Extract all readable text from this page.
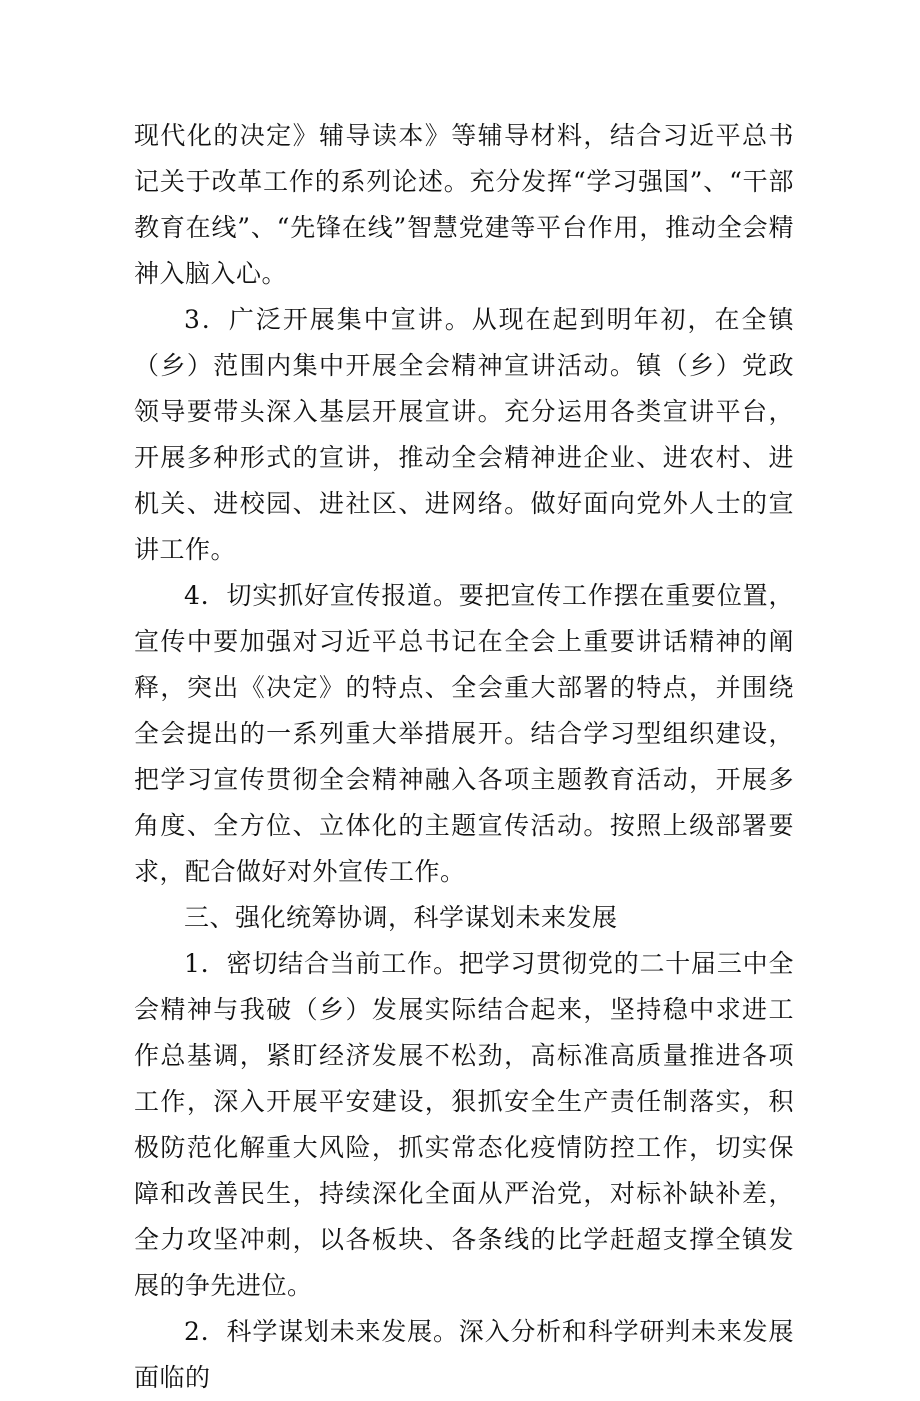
现代化的决定》辅导读本》等辅导材料，结合习近平总书记关于改革工作的系列论述。充分发挥“学习强国”、“干部教育在线”、“先锋在线”智慧党建等平台作用，推动全会精神入脑入心。

3．广泛开展集中宣讲。从现在起到明年初，在全镇（乡）范围内集中开展全会精神宣讲活动。镇（乡）党政领导要带头深入基层开展宣讲。充分运用各类宣讲平台，开展多种形式的宣讲，推动全会精神进企业、进农村、进机关、进校园、进社区、进网络。做好面向党外人士的宣讲工作。

4．切实抓好宣传报道。要把宣传工作摆在重要位置，宣传中要加强对习近平总书记在全会上重要讲话精神的阐释，突出《决定》的特点、全会重大部署的特点，并围绕全会提出的一系列重大举措展开。结合学习型组织建设，把学习宣传贯彻全会精神融入各项主题教育活动，开展多角度、全方位、立体化的主题宣传活动。按照上级部署要求，配合做好对外宣传工作。

三、强化统筹协调，科学谋划未来发展

1．密切结合当前工作。把学习贯彻党的二十届三中全会精神与我破（乡）发展实际结合起来，坚持稳中求进工作总基调，紧盯经济发展不松劲，高标准高质量推进各项工作，深入开展平安建设，狠抓安全生产责任制落实，积极防范化解重大风险，抓实常态化疫情防控工作，切实保障和改善民生，持续深化全面从严治党，对标补缺补差，全力攻坚冲刺，以各板块、各条线的比学赶超支撑全镇发展的争先进位。

2．科学谋划未来发展。深入分析和科学研判未来发展面临的
